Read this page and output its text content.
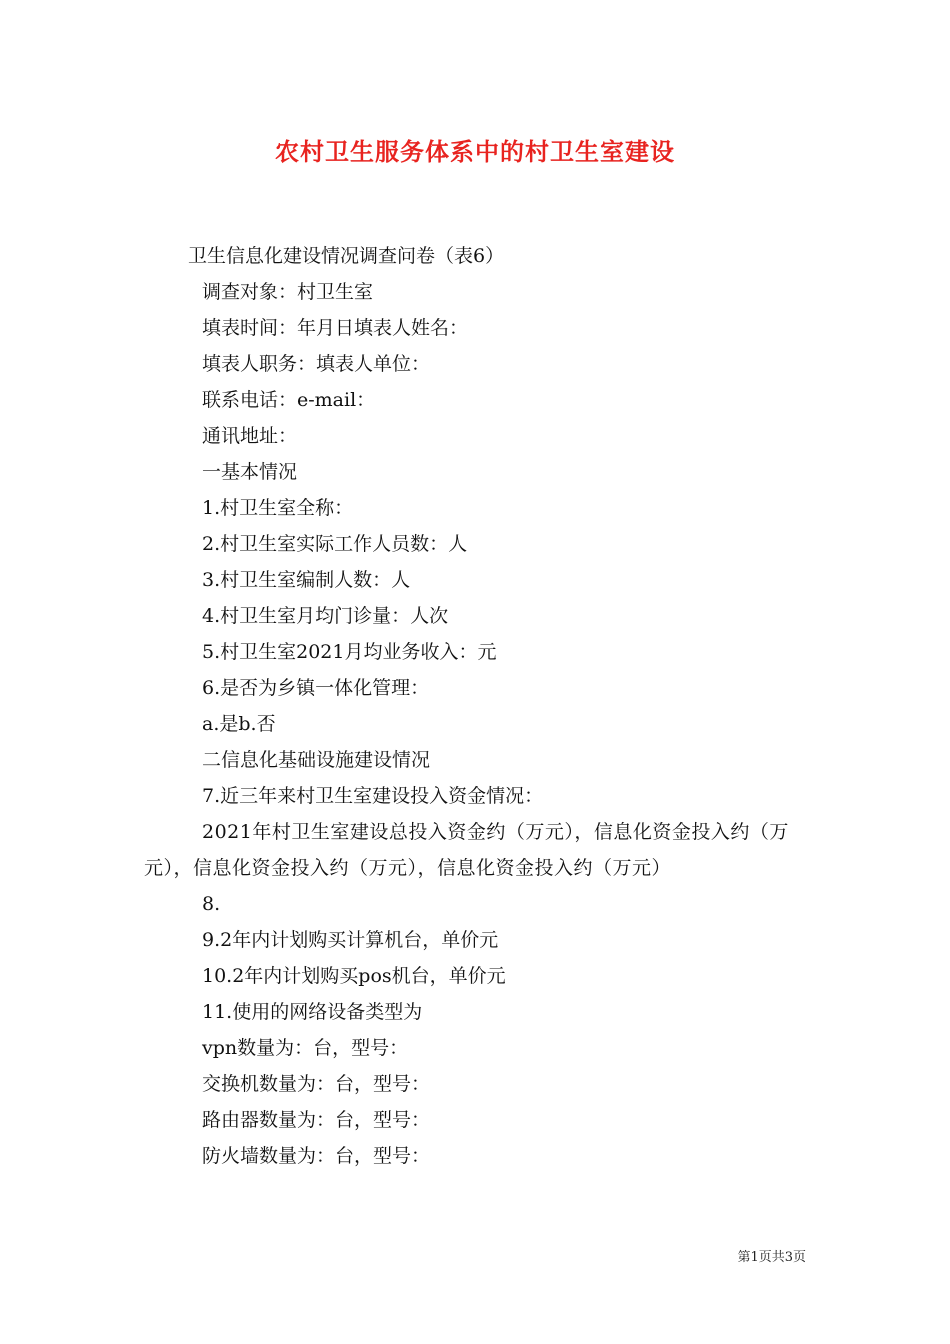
农村卫生服务体系中的村卫生室建设
卫生信息化建设情况调查问卷（表6）
调查对象：村卫生室
填表时间：年月日填表人姓名：
填表人职务：填表人单位：
联系电话：e-mail：
通讯地址：
一基本情况
1.村卫生室全称：
2.村卫生室实际工作人员数：人
3.村卫生室编制人数：人
4.村卫生室月均门诊量：人次
5.村卫生室2021月均业务收入：元
6.是否为乡镇一体化管理：
a.是b.否
二信息化基础设施建设情况
7.近三年来村卫生室建设投入资金情况：
2021年村卫生室建设总投入资金约（万元），信息化资金投入约（万元），信息化资金投入约（万元），信息化资金投入约（万元）
8.
9.2年内计划购买计算机台，单价元
10.2年内计划购买pos机台，单价元
11.使用的网络设备类型为
vpn数量为：台，型号：
交换机数量为：台，型号：
路由器数量为：台，型号：
防火墙数量为：台，型号：
第1页共3页
